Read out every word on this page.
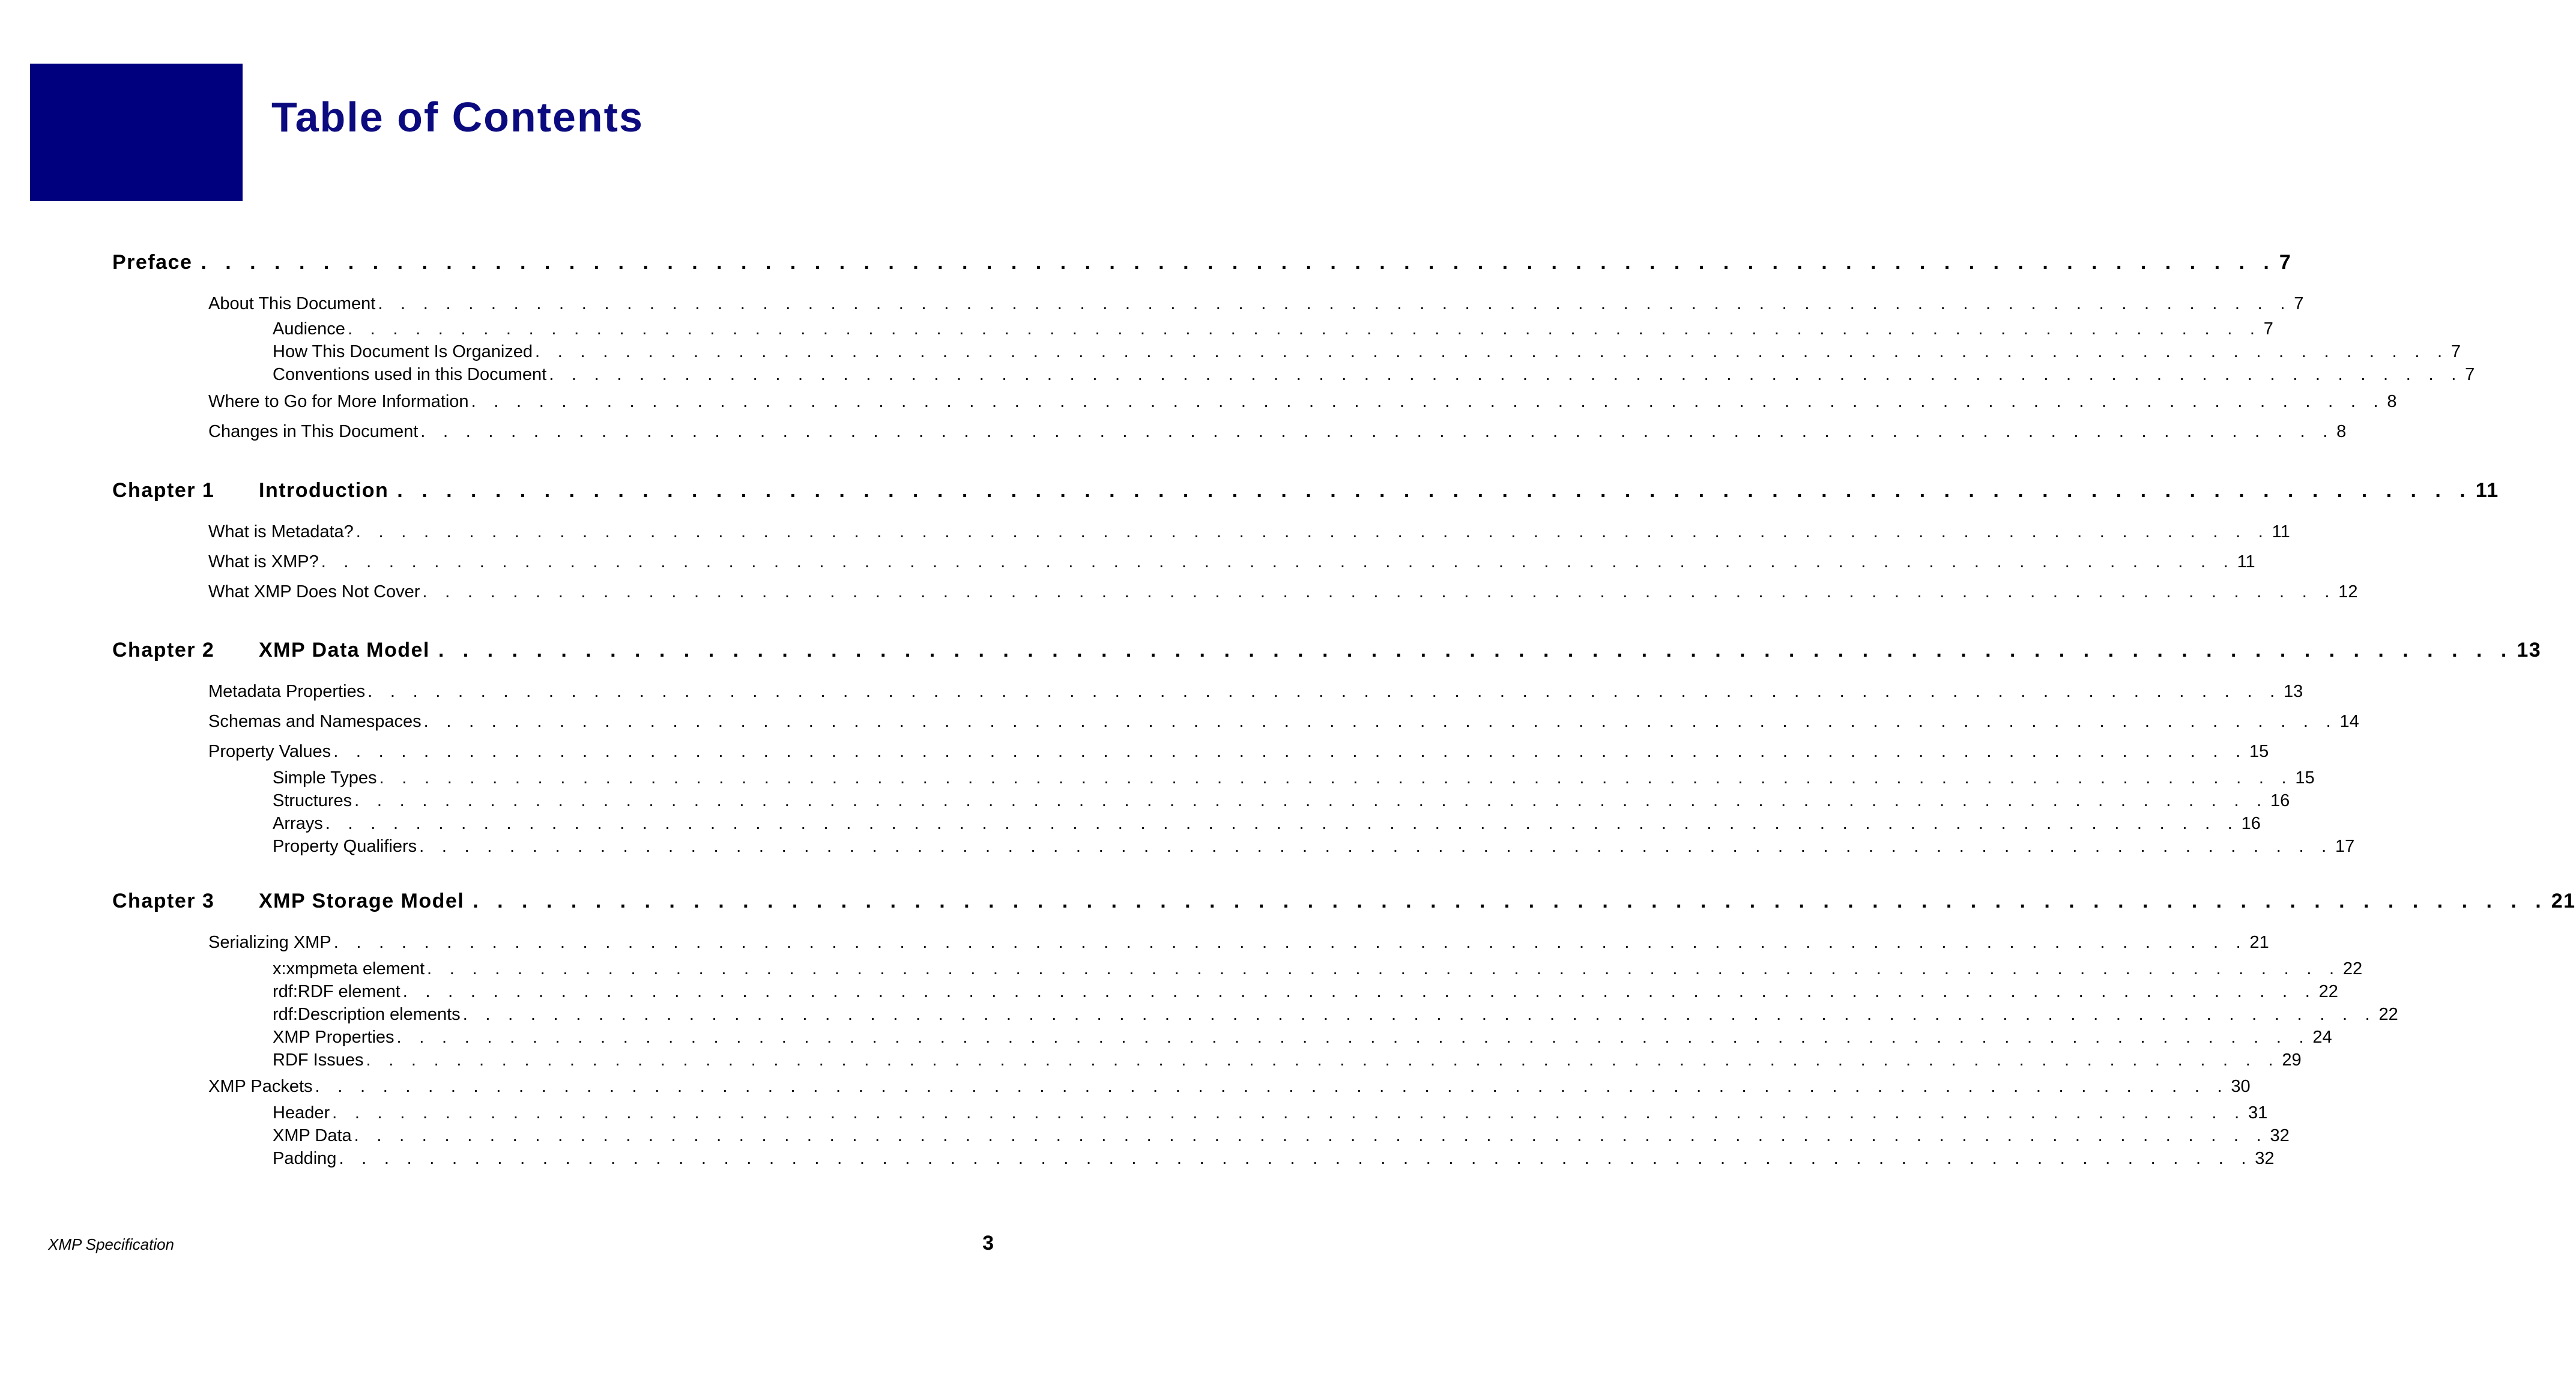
Table of Contents
Preface . . . . . . . . . . . . . . . . . . . . . . . . . . . . . . . . . . . . . . . . . . . . . . . . . . . . . . . . . . . . . . . . . . . . . . . . . . . . . . . . . . . . . 7
About This Document . . . . . . . . . . . . . . . . . . . . . . . . . . . . . . . . . . . . . . . . . . . . . . . . . . . . . . . . . . . . . . . . . . . . . . . . . . . . . . . . . . . . . 7
Audience . . . . . . . . . . . . . . . . . . . . . . . . . . . . . . . . . . . . . . . . . . . . . . . . . . . . . . . . . . . . . . . . . . . . . . . . . . . . . . . . . . . . . 7
How This Document Is Organized . . . . . . . . . . . . . . . . . . . . . . . . . . . . . . . . . . . . . . . . . . . . . . . . . . . . . . . . . . . . . . . . . . . . . . . . . . . . . . . . . . . . . 7
Conventions used in this Document . . . . . . . . . . . . . . . . . . . . . . . . . . . . . . . . . . . . . . . . . . . . . . . . . . . . . . . . . . . . . . . . . . . . . . . . . . . . . . . . . . . . . 7
Where to Go for More Information . . . . . . . . . . . . . . . . . . . . . . . . . . . . . . . . . . . . . . . . . . . . . . . . . . . . . . . . . . . . . . . . . . . . . . . . . . . . . . . . . . . . . 8
Changes in This Document . . . . . . . . . . . . . . . . . . . . . . . . . . . . . . . . . . . . . . . . . . . . . . . . . . . . . . . . . . . . . . . . . . . . . . . . . . . . . . . . . . . . . 8
Chapter 1	Introduction . . . . . . . . . . . . . . . . . . . . . . . . . . . . . . . . . . . . . . . . . . . . . . . . . . . . . . . . . . . . . . . . . . . . . . . . . . . . . . . . . . . . . 11
What is Metadata? . . . . . . . . . . . . . . . . . . . . . . . . . . . . . . . . . . . . . . . . . . . . . . . . . . . . . . . . . . . . . . . . . . . . . . . . . . . . . . . . . . . . . 11
What is XMP? . . . . . . . . . . . . . . . . . . . . . . . . . . . . . . . . . . . . . . . . . . . . . . . . . . . . . . . . . . . . . . . . . . . . . . . . . . . . . . . . . . . . . 11
What XMP Does Not Cover . . . . . . . . . . . . . . . . . . . . . . . . . . . . . . . . . . . . . . . . . . . . . . . . . . . . . . . . . . . . . . . . . . . . . . . . . . . . . . . . . . . . . 12
Chapter 2	XMP Data Model . . . . . . . . . . . . . . . . . . . . . . . . . . . . . . . . . . . . . . . . . . . . . . . . . . . . . . . . . . . . . . . . . . . . . . . . . . . . . . . . . . . . . 13
Metadata Properties . . . . . . . . . . . . . . . . . . . . . . . . . . . . . . . . . . . . . . . . . . . . . . . . . . . . . . . . . . . . . . . . . . . . . . . . . . . . . . . . . . . . . 13
Schemas and Namespaces . . . . . . . . . . . . . . . . . . . . . . . . . . . . . . . . . . . . . . . . . . . . . . . . . . . . . . . . . . . . . . . . . . . . . . . . . . . . . . . . . . . . . 14
Property Values . . . . . . . . . . . . . . . . . . . . . . . . . . . . . . . . . . . . . . . . . . . . . . . . . . . . . . . . . . . . . . . . . . . . . . . . . . . . . . . . . . . . . 15
Simple Types . . . . . . . . . . . . . . . . . . . . . . . . . . . . . . . . . . . . . . . . . . . . . . . . . . . . . . . . . . . . . . . . . . . . . . . . . . . . . . . . . . . . . 15
Structures . . . . . . . . . . . . . . . . . . . . . . . . . . . . . . . . . . . . . . . . . . . . . . . . . . . . . . . . . . . . . . . . . . . . . . . . . . . . . . . . . . . . . 16
Arrays . . . . . . . . . . . . . . . . . . . . . . . . . . . . . . . . . . . . . . . . . . . . . . . . . . . . . . . . . . . . . . . . . . . . . . . . . . . . . . . . . . . . . 16
Property Qualifiers . . . . . . . . . . . . . . . . . . . . . . . . . . . . . . . . . . . . . . . . . . . . . . . . . . . . . . . . . . . . . . . . . . . . . . . . . . . . . . . . . . . . . 17
Chapter 3	XMP Storage Model . . . . . . . . . . . . . . . . . . . . . . . . . . . . . . . . . . . . . . . . . . . . . . . . . . . . . . . . . . . . . . . . . . . . . . . . . . . . . . . . . . . . . 21
Serializing XMP . . . . . . . . . . . . . . . . . . . . . . . . . . . . . . . . . . . . . . . . . . . . . . . . . . . . . . . . . . . . . . . . . . . . . . . . . . . . . . . . . . . . . 21
x:xmpmeta element . . . . . . . . . . . . . . . . . . . . . . . . . . . . . . . . . . . . . . . . . . . . . . . . . . . . . . . . . . . . . . . . . . . . . . . . . . . . . . . . . . . . . 22
rdf:RDF element . . . . . . . . . . . . . . . . . . . . . . . . . . . . . . . . . . . . . . . . . . . . . . . . . . . . . . . . . . . . . . . . . . . . . . . . . . . . . . . . . . . . . 22
rdf:Description elements . . . . . . . . . . . . . . . . . . . . . . . . . . . . . . . . . . . . . . . . . . . . . . . . . . . . . . . . . . . . . . . . . . . . . . . . . . . . . . . . . . . . . 22
XMP Properties . . . . . . . . . . . . . . . . . . . . . . . . . . . . . . . . . . . . . . . . . . . . . . . . . . . . . . . . . . . . . . . . . . . . . . . . . . . . . . . . . . . . . 24
RDF Issues . . . . . . . . . . . . . . . . . . . . . . . . . . . . . . . . . . . . . . . . . . . . . . . . . . . . . . . . . . . . . . . . . . . . . . . . . . . . . . . . . . . . . 29
XMP Packets . . . . . . . . . . . . . . . . . . . . . . . . . . . . . . . . . . . . . . . . . . . . . . . . . . . . . . . . . . . . . . . . . . . . . . . . . . . . . . . . . . . . . 30
Header . . . . . . . . . . . . . . . . . . . . . . . . . . . . . . . . . . . . . . . . . . . . . . . . . . . . . . . . . . . . . . . . . . . . . . . . . . . . . . . . . . . . . 31
XMP Data . . . . . . . . . . . . . . . . . . . . . . . . . . . . . . . . . . . . . . . . . . . . . . . . . . . . . . . . . . . . . . . . . . . . . . . . . . . . . . . . . . . . . 32
Padding . . . . . . . . . . . . . . . . . . . . . . . . . . . . . . . . . . . . . . . . . . . . . . . . . . . . . . . . . . . . . . . . . . . . . . . . . . . . . . . . . . . . . 32
XMP Specification	3
